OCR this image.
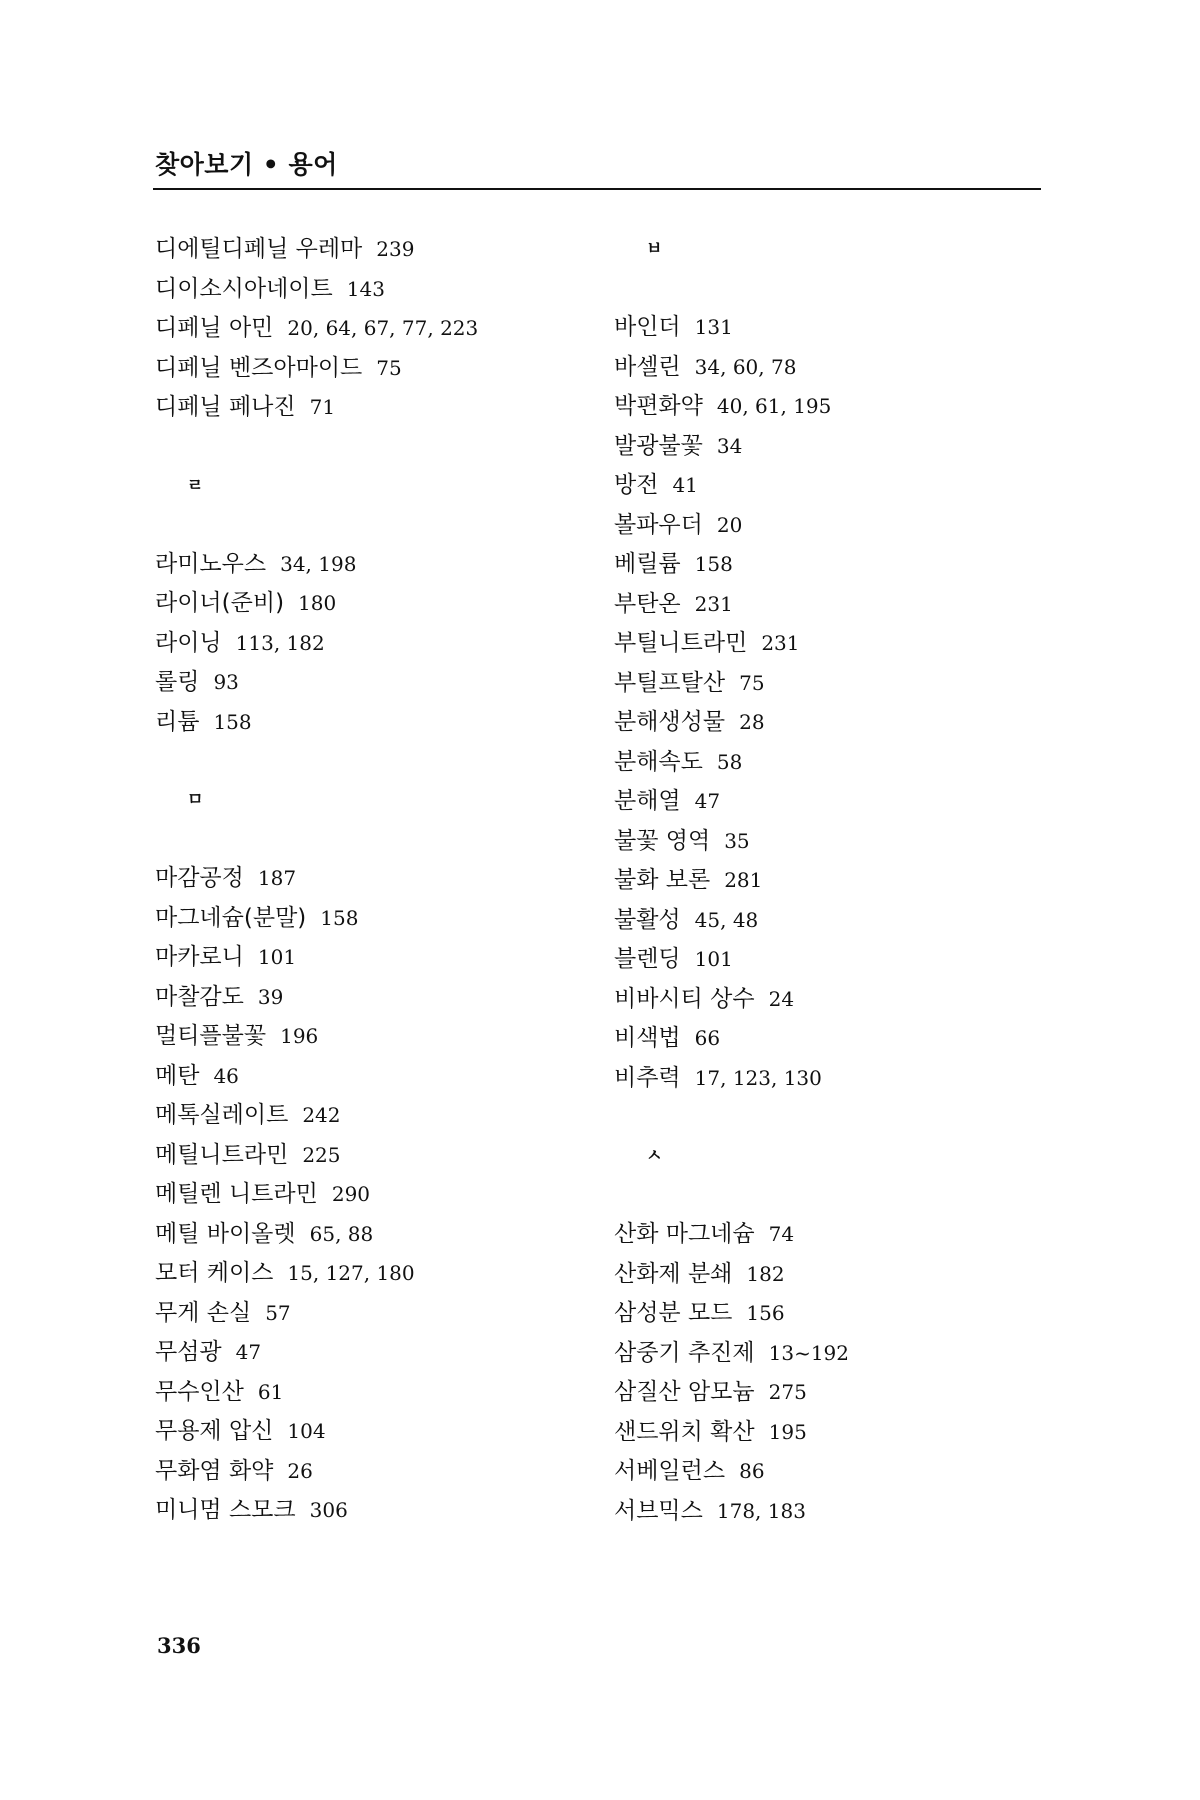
찾아보기 • 용어
디에틸디페닐 우레마 239
디이소시아네이트 143
디페닐 아민 20, 64, 67, 77, 223
디페닐 벤즈아마이드 75
디페닐 페나진 71
ㄹ
라미노우스 34, 198
라이너(준비) 180
라이닝 113, 182
롤링 93
리튬 158
ㅁ
마감공정 187
마그네슘(분말) 158
마카로니 101
마찰감도 39
멀티플불꽃 196
메탄 46
메톡실레이트 242
메틸니트라민 225
메틸렌 니트라민 290
메틸 바이올렛 65, 88
모터 케이스 15, 127, 180
무게 손실 57
무섬광 47
무수인산 61
무용제 압신 104
무화염 화약 26
미니멈 스모크 306
ㅂ
바인더 131
바셀린 34, 60, 78
박편화약 40, 61, 195
발광불꽃 34
방전 41
볼파우더 20
베릴륨 158
부탄온 231
부틸니트라민 231
부틸프탈산 75
분해생성물 28
분해속도 58
분해열 47
불꽃 영역 35
불화 보론 281
불활성 45, 48
블렌딩 101
비바시티 상수 24
비색법 66
비추력 17, 123, 130
ㅅ
산화 마그네슘 74
산화제 분쇄 182
삼성분 모드 156
삼중기 추진제 13~192
삼질산 암모늄 275
샌드위치 확산 195
서베일런스 86
서브믹스 178, 183
336
